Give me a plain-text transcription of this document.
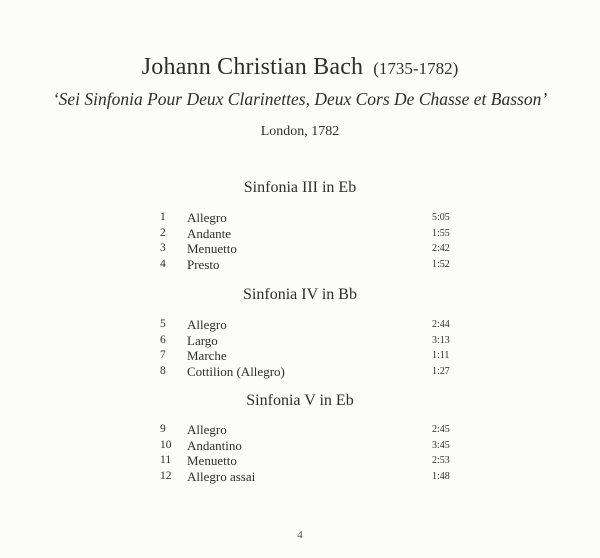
Johann Christian Bach (1735-1782)
‘Sei Sinfonia Pour Deux Clarinettes, Deux Cors De Chasse et Basson’
London, 1782
Sinfonia III in Eb
1	Allegro	5:05
2	Andante	1:55
3	Menuetto	2:42
4	Presto	1:52
Sinfonia IV in Bb
5	Allegro	2:44
6	Largo	3:13
7	Marche	1:11
8	Cottilion (Allegro)	1:27
Sinfonia V in Eb
9	Allegro	2:45
10	Andantino	3:45
11	Menuetto	2:53
12	Allegro assai	1:48
4
